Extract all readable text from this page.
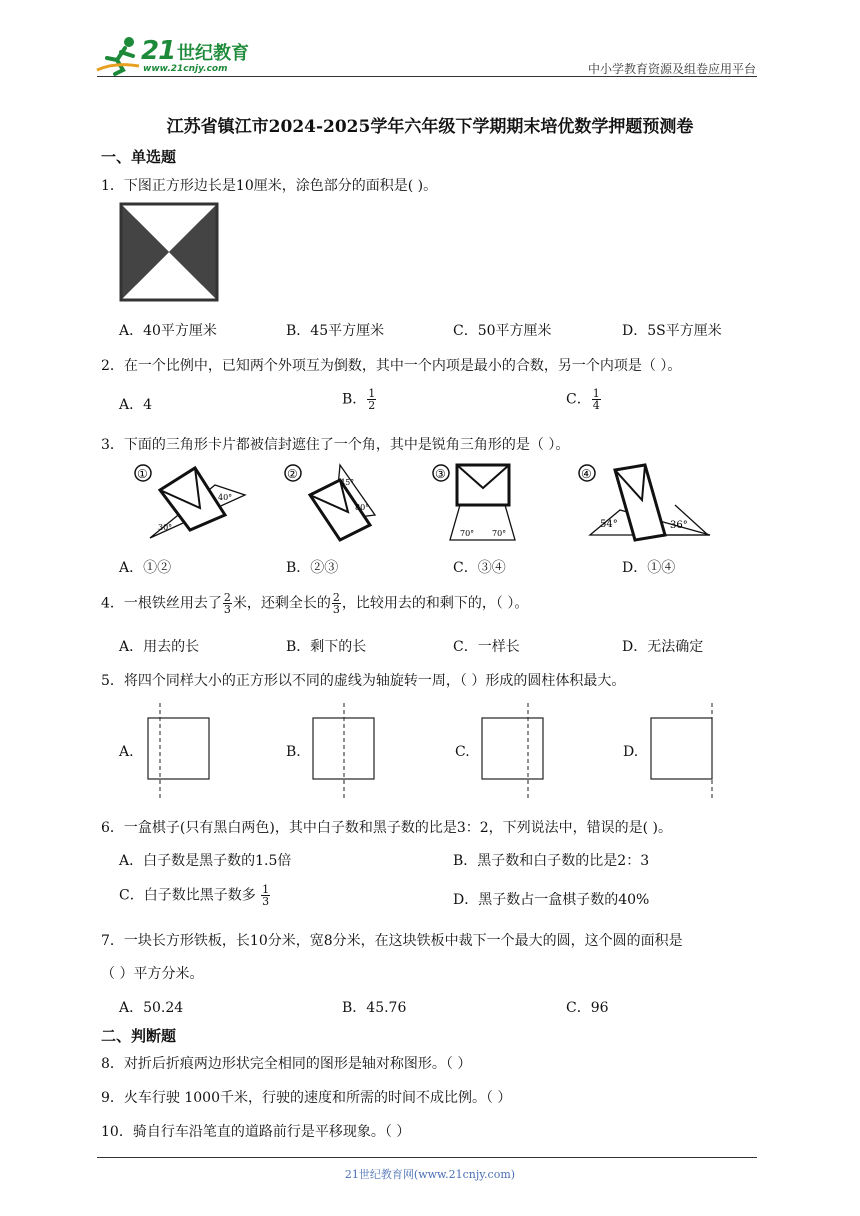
21 世纪教育
www.21cnjy.com	中小学教育资源及组卷应用平台
江苏省镇江市2024-2025学年六年级下学期期末培优数学押题预测卷
一、单选题
1．下图正方形边长是10厘米，涂色部分的面积是( )。
A．40平方厘米	B．45平方厘米	C．50平方厘米	D．5S平方厘米
2．在一个比例中，已知两个外项互为倒数，其中一个内项是最小的合数，另一个内项是（ ）。
A．4	B． $\frac{1}{2}$	C． $\frac{1}{4}$
3．下面的三角形卡片都被信封遮住了一个角，其中是锐角三角形的是（ ）。
①
40°
30°
②
45°
80°
③
70° 70°
④
54°	36°
A．①②	B．②③	C．③④	D．①④
4．一根铁丝用去了 $\frac{2}{3}$ 米，还剩全长的 $\frac{2}{3}$ ，比较用去的和剩下的，（ ）。
A．用去的长	B．剩下的长	C．一样长	D．无法确定
5．将四个同样大小的正方形以不同的虚线为轴旋转一周，（ ）形成的圆柱体积最大。
A.	B.	C.	D.
6．一盒棋子(只有黑白两色)，其中白子数和黑子数的比是3：2，下列说法中，错误的是( )。
A．白子数是黑子数的1.5倍	B．黑子数和白子数的比是2：3
C．白子数比黑子数多 $\frac{1}{3}$	D．黑子数占一盒棋子数的40%
7．一块长方形铁板，长10分米，宽8分米，在这块铁板中裁下一个最大的圆，这个圆的面积是
（ ）平方分米。
A．50.24	B．45.76	C．96
二、判断题
8．对折后折痕两边形状完全相同的图形是轴对称图形。（ ）
9．火车行驶 1000千米，行驶的速度和所需的时间不成比例。（ ）
10．骑自行车沿笔直的道路前行是平移现象。（ ）
21世纪教育网(www.21cnjy.com)
